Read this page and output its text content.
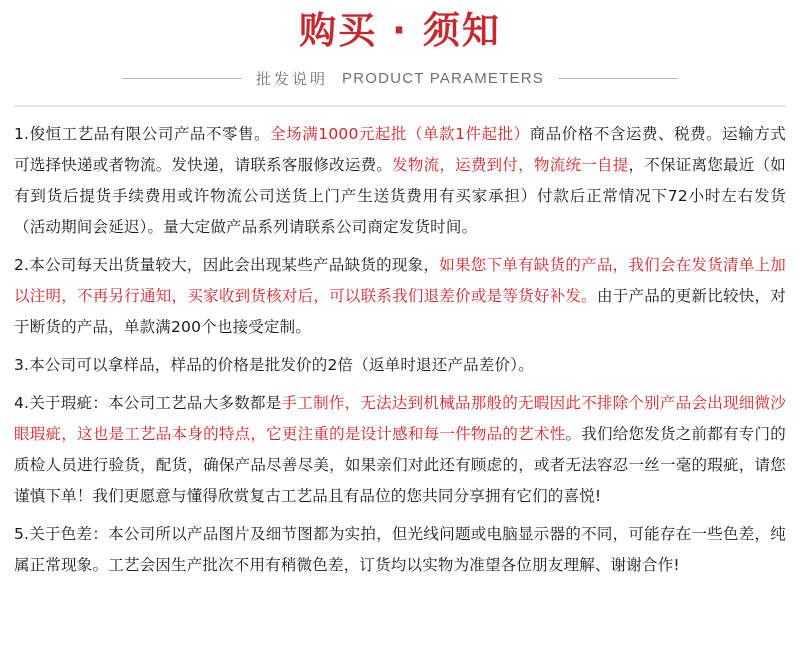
购买 · 须知
批发说明 PRODUCT PARAMETERS

1.俊恒工艺品有限公司产品不零售。全场满1000元起批（单款1件起批）商品价格不含运费、税费。运输方式可选择快递或者物流。发快递，请联系客服修改运费。发物流，运费到付，物流统一自提，不保证离您最近（如有到货后提货手续费用或许物流公司送货上门产生送货费用有买家承担）付款后正常情况下72小时左右发货（活动期间会延迟）。量大定做产品系列请联系公司商定发货时间。

2.本公司每天出货量较大，因此会出现某些产品缺货的现象，如果您下单有缺货的产品，我们会在发货清单上加以注明，不再另行通知，买家收到货核对后，可以联系我们退差价或是等货好补发。由于产品的更新比较快，对于断货的产品，单款满200个也接受定制。

3.本公司可以拿样品，样品的价格是批发价的2倍（返单时退还产品差价）。

4.关于瑕疵：本公司工艺品大多数都是手工制作，无法达到机械品那般的无暇因此不排除个别产品会出现细微沙眼瑕疵，这也是工艺品本身的特点，它更注重的是设计感和每一件物品的艺术性。我们给您发货之前都有专门的质检人员进行验货，配货，确保产品尽善尽美，如果亲们对此还有顾虑的，或者无法容忍一丝一毫的瑕疵，请您谨慎下单！我们更愿意与懂得欣赏复古工艺品且有品位的您共同分享拥有它们的喜悦!

5.关于色差：本公司所以产品图片及细节图都为实拍，但光线问题或电脑显示器的不同，可能存在一些色差，纯属正常现象。工艺会因生产批次不用有稍微色差，订货均以实物为准望各位朋友理解、谢谢合作!
